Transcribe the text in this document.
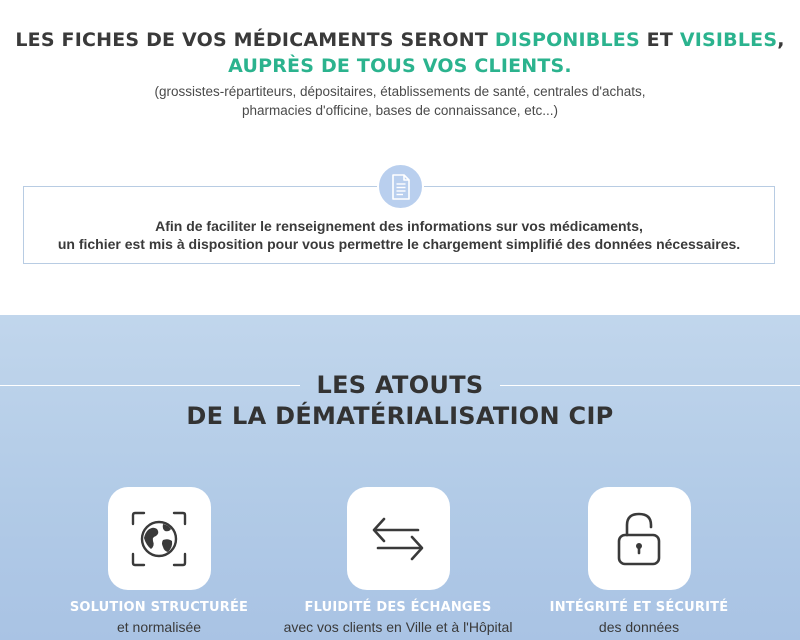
LES FICHES DE VOS MÉDICAMENTS SERONT DISPONIBLES ET VISIBLES,
AUPRÈS DE TOUS VOS CLIENTS.
(grossistes-répartiteurs, dépositaires, établissements de santé, centrales d'achats,
pharmacies d'officine, bases de connaissance, etc...)
Afin de faciliter le renseignement des informations sur vos médicaments,
un fichier est mis à disposition pour vous permettre le chargement simplifié des données nécessaires.
LES ATOUTS
DE LA DÉMATÉRIALISATION CIP
SOLUTION STRUCTURÉE
et normalisée
FLUIDITÉ DES ÉCHANGES
avec vos clients en Ville et à l'Hôpital
INTÉGRITÉ ET SÉCURITÉ
des données
